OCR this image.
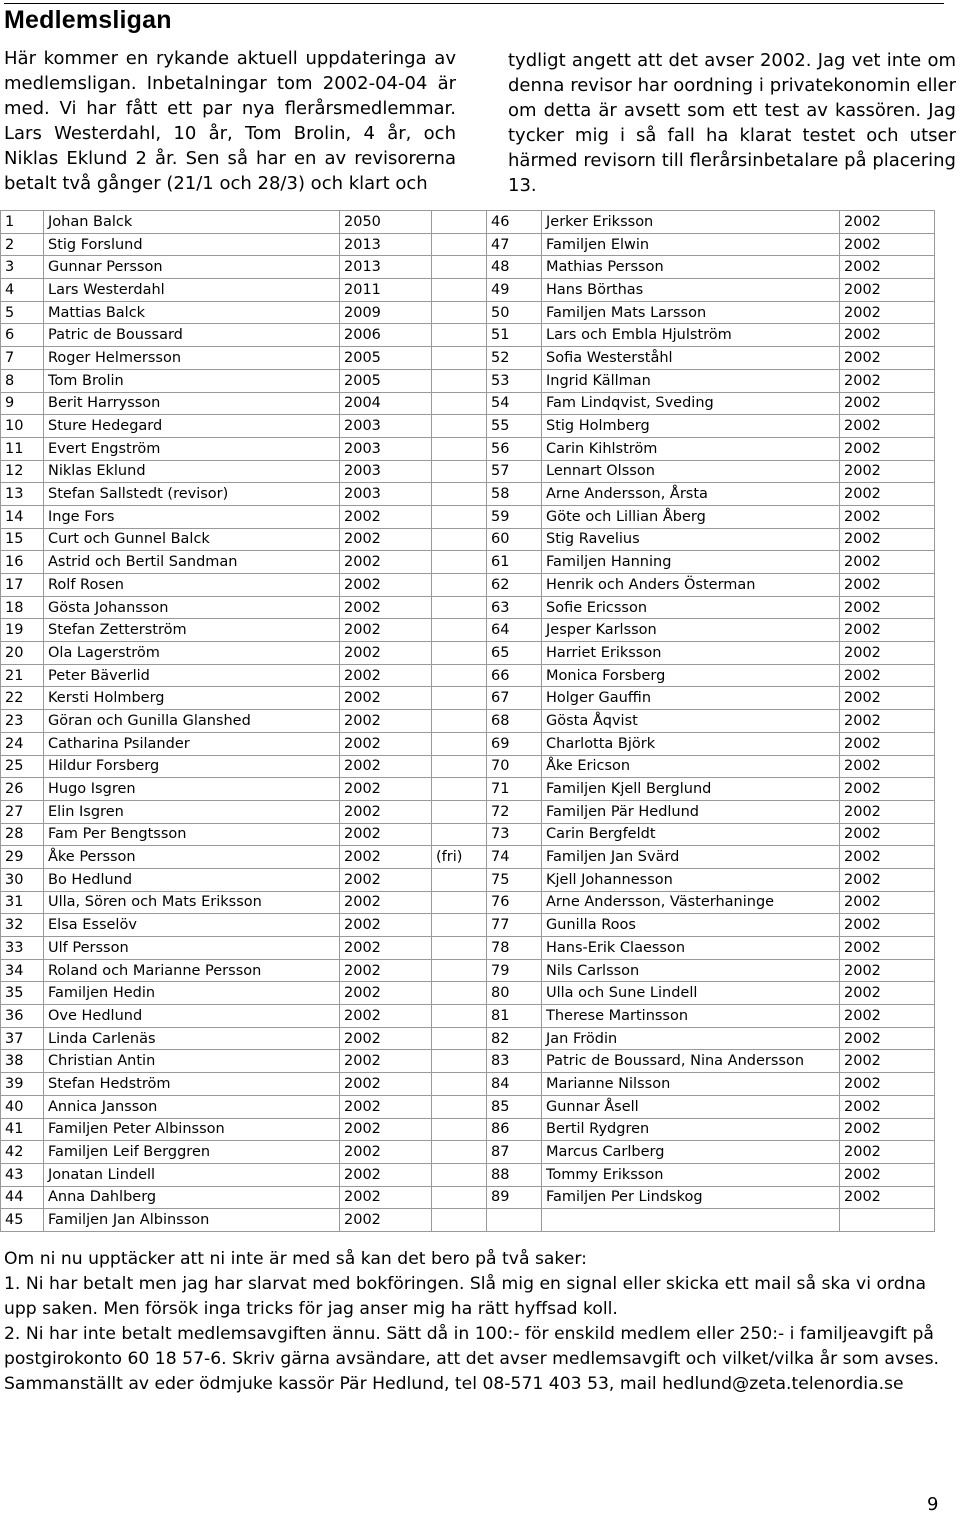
Medlemsligan

Här kommer en rykande aktuell uppdateringa av medlemsligan. Inbetalningar tom 2002-04-04 är med. Vi har fått ett par nya flerårsmedlemmar. Lars Westerdahl, 10 år, Tom Brolin, 4 år, och Niklas Eklund 2 år. Sen så har en av revisorerna betalt två gånger (21/1 och 28/3) och klart och

tydligt angett att det avser 2002. Jag vet inte om denna revisor har oordning i privatekonomin eller om detta är avsett som ett test av kassören. Jag tycker mig i så fall ha klarat testet och utser härmed revisorn till flerårsinbetalare på placering 13.

1	Johan Balck	2050		46	Jerker Eriksson	2002
2	Stig Forslund	2013		47	Familjen Elwin	2002
3	Gunnar Persson	2013		48	Mathias Persson	2002
4	Lars Westerdahl	2011		49	Hans Börthas	2002
5	Mattias Balck	2009		50	Familjen Mats Larsson	2002
6	Patric de Boussard	2006		51	Lars och Embla Hjulström	2002
7	Roger Helmersson	2005		52	Sofia Westerståhl	2002
8	Tom Brolin	2005		53	Ingrid Källman	2002
9	Berit Harrysson	2004		54	Fam Lindqvist, Sveding	2002
10	Sture Hedegard	2003		55	Stig Holmberg	2002
11	Evert Engström	2003		56	Carin Kihlström	2002
12	Niklas Eklund	2003		57	Lennart Olsson	2002
13	Stefan Sallstedt (revisor)	2003		58	Arne Andersson, Årsta	2002
14	Inge Fors	2002		59	Göte och Lillian Åberg	2002
15	Curt och Gunnel Balck	2002		60	Stig Ravelius	2002
16	Astrid och Bertil Sandman	2002		61	Familjen Hanning	2002
17	Rolf Rosen	2002		62	Henrik och Anders Österman	2002
18	Gösta Johansson	2002		63	Sofie Ericsson	2002
19	Stefan Zetterström	2002		64	Jesper Karlsson	2002
20	Ola Lagerström	2002		65	Harriet Eriksson	2002
21	Peter Bäverlid	2002		66	Monica Forsberg	2002
22	Kersti Holmberg	2002		67	Holger Gauffin	2002
23	Göran och Gunilla Glanshed	2002		68	Gösta Åqvist	2002
24	Catharina Psilander	2002		69	Charlotta Björk	2002
25	Hildur Forsberg	2002		70	Åke Ericson	2002
26	Hugo Isgren	2002		71	Familjen Kjell Berglund	2002
27	Elin Isgren	2002		72	Familjen Pär Hedlund	2002
28	Fam Per Bengtsson	2002		73	Carin Bergfeldt	2002
29	Åke Persson	2002	(fri)	74	Familjen Jan Svärd	2002
30	Bo Hedlund	2002		75	Kjell Johannesson	2002
31	Ulla, Sören och Mats Eriksson	2002		76	Arne Andersson, Västerhaninge	2002
32	Elsa Esselöv	2002		77	Gunilla Roos	2002
33	Ulf Persson	2002		78	Hans-Erik Claesson	2002
34	Roland och Marianne Persson	2002		79	Nils Carlsson	2002
35	Familjen Hedin	2002		80	Ulla och Sune Lindell	2002
36	Ove Hedlund	2002		81	Therese Martinsson	2002
37	Linda Carlenäs	2002		82	Jan Frödin	2002
38	Christian Antin	2002		83	Patric de Boussard, Nina Andersson	2002
39	Stefan Hedström	2002		84	Marianne Nilsson	2002
40	Annica Jansson	2002		85	Gunnar Åsell	2002
41	Familjen Peter Albinsson	2002		86	Bertil Rydgren	2002
42	Familjen Leif Berggren	2002		87	Marcus Carlberg	2002
43	Jonatan Lindell	2002		88	Tommy Eriksson	2002
44	Anna Dahlberg	2002		89	Familjen Per Lindskog	2002
45	Familjen Jan Albinsson	2002				

Om ni nu upptäcker att ni inte är med så kan det bero på två saker:

1. Ni har betalt men jag har slarvat med bokföringen. Slå mig en signal eller skicka ett mail så ska vi ordna upp saken. Men försök inga tricks för jag anser mig ha rätt hyffsad koll.

2. Ni har inte betalt medlemsavgiften ännu. Sätt då in 100:- för enskild medlem eller 250:- i familjeavgift på postgirokonto 60 18 57-6. Skriv gärna avsändare, att det avser medlemsavgift och vilket/vilka år som avses.

Sammanställt av eder ödmjuke kassör Pär Hedlund, tel 08-571 403 53, mail hedlund@zeta.telenordia.se

9
